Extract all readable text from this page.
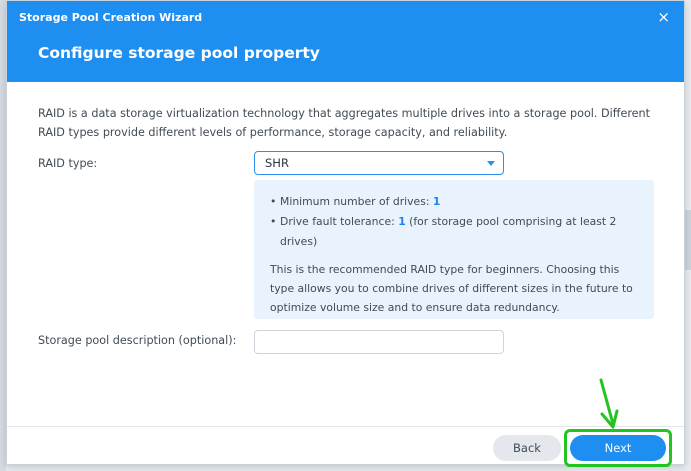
Storage Pool Creation Wizard	×
Configure storage pool property
RAID is a data storage virtualization technology that aggregates multiple drives into a storage pool. Different RAID types provide different levels of performance, storage capacity, and reliability.
RAID type:	SHR
• Minimum number of drives: 1
• Drive fault tolerance: 1 (for storage pool comprising at least 2 drives)
This is the recommended RAID type for beginners. Choosing this type allows you to combine drives of different sizes in the future to optimize volume size and to ensure data redundancy.
Storage pool description (optional):
Back	Next
